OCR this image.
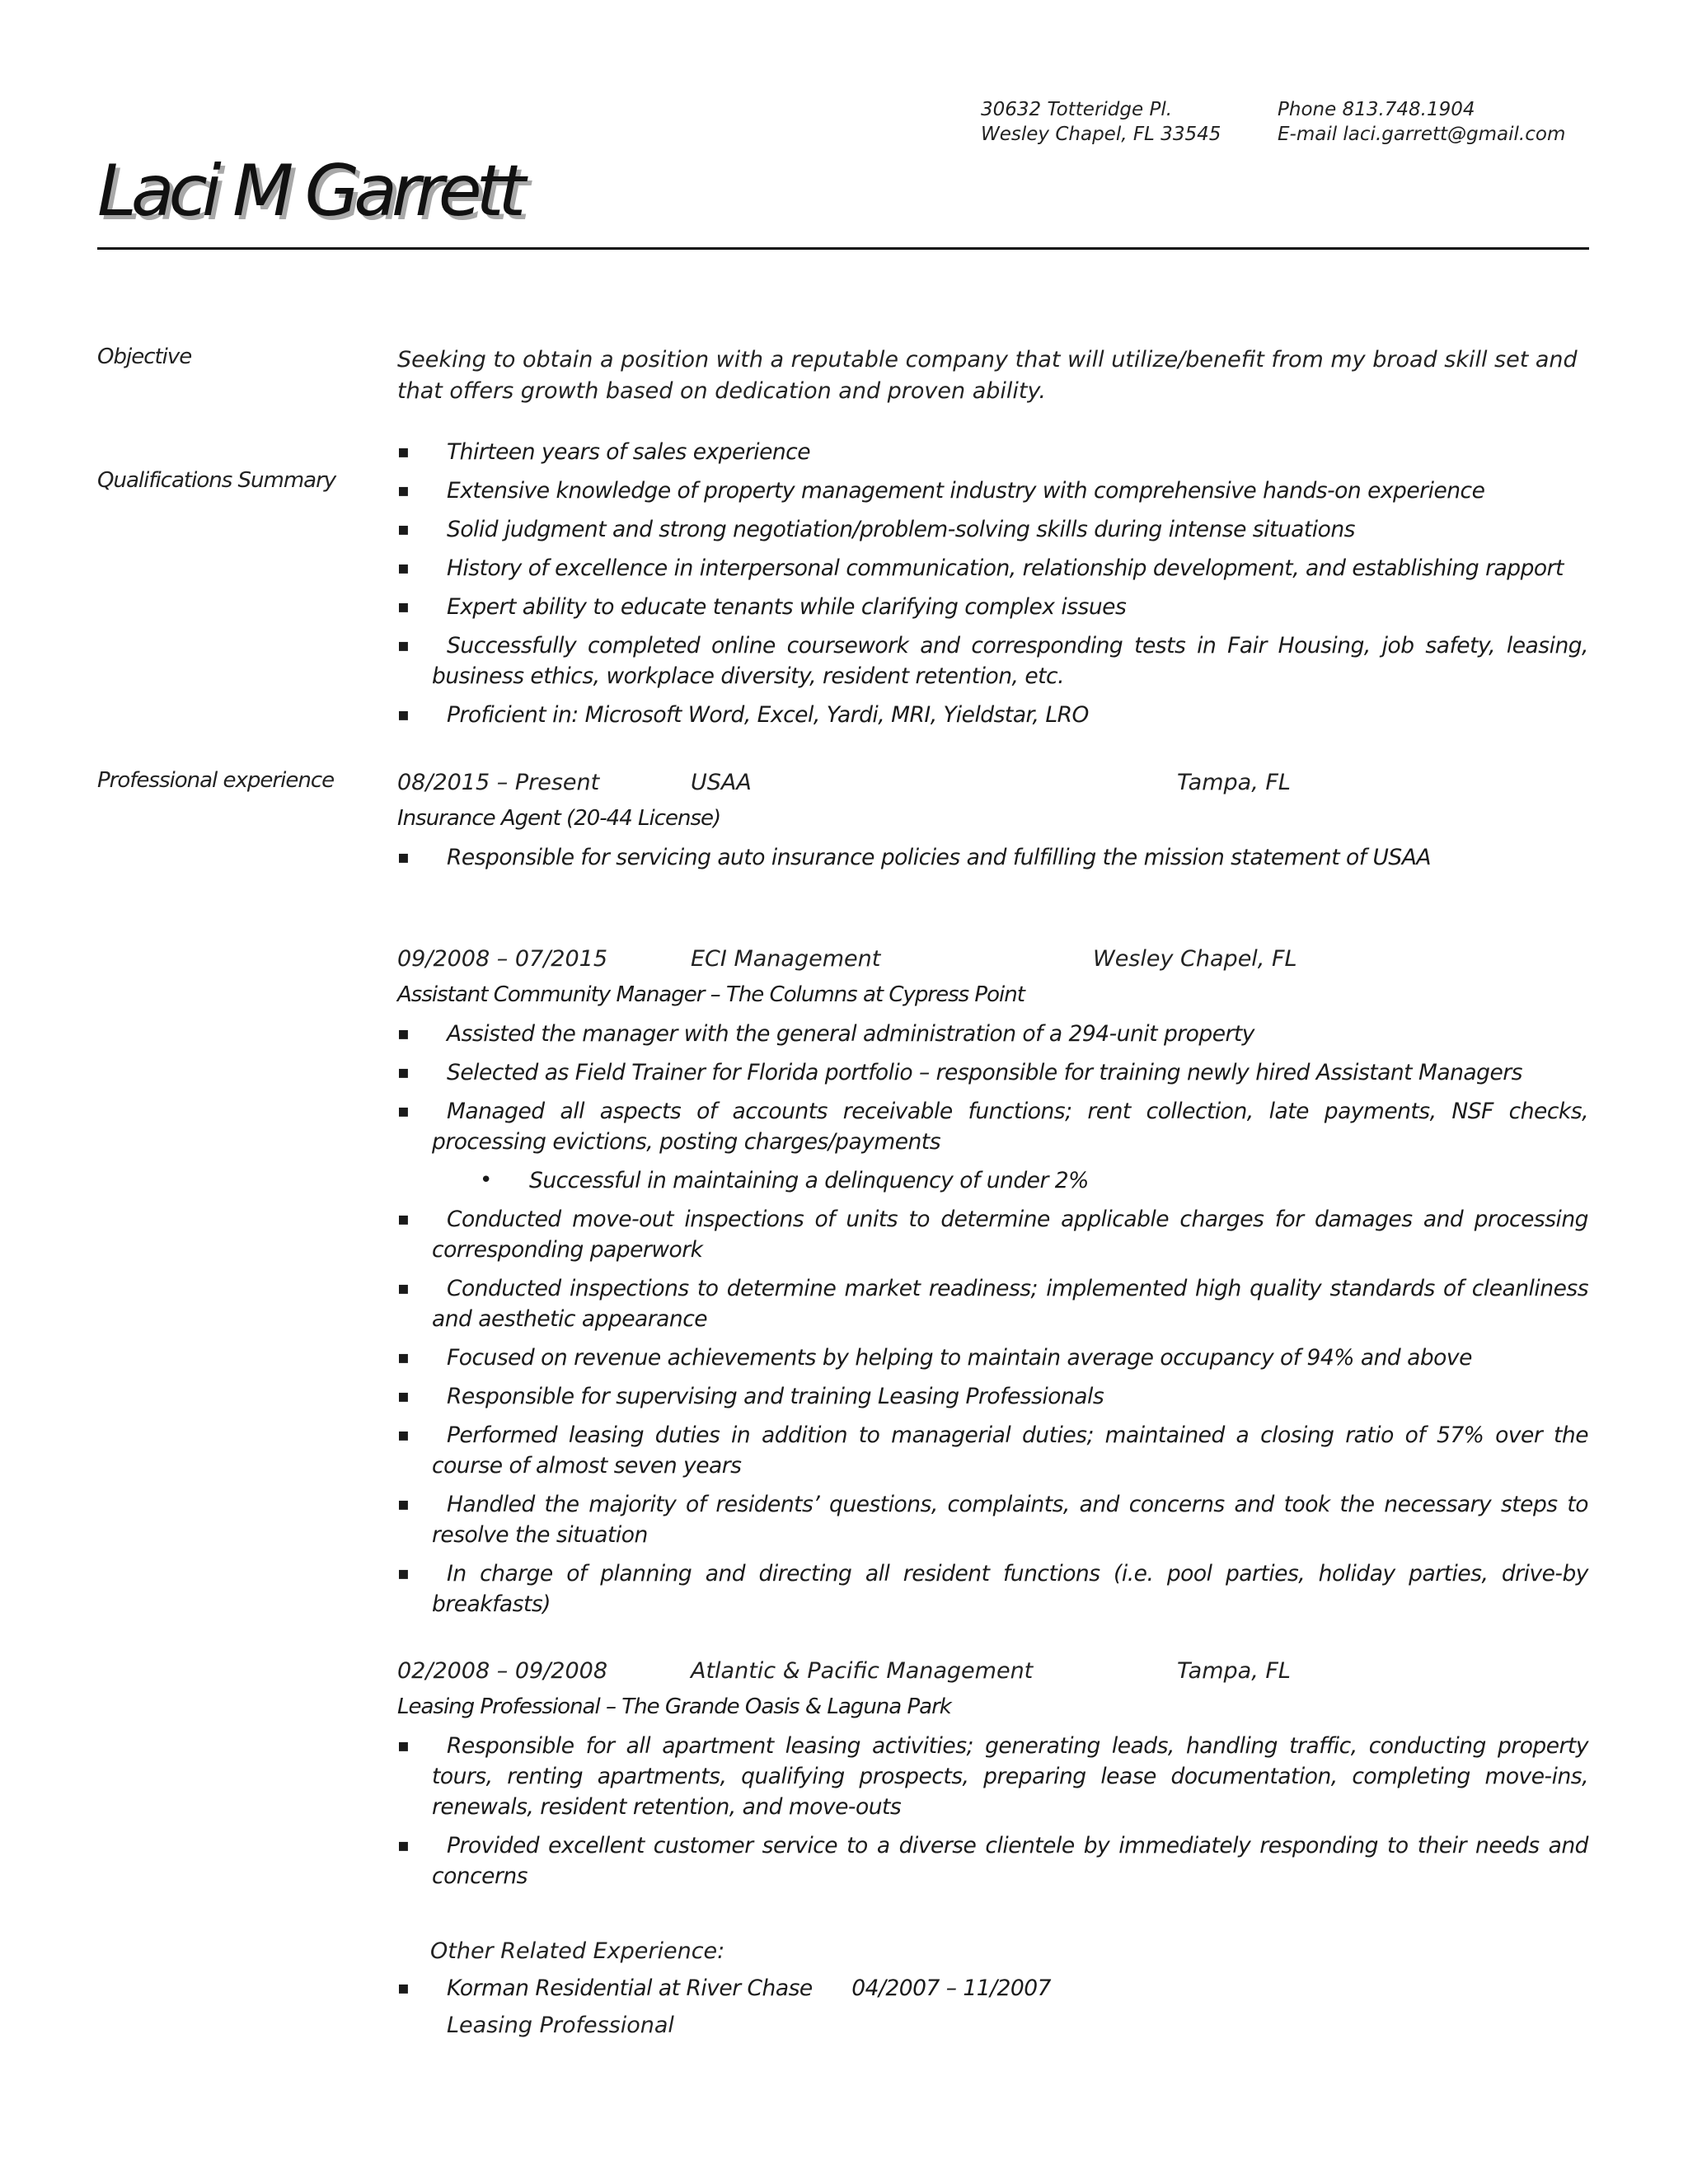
30632 Totteridge Pl.
Wesley Chapel, FL 33545
Phone 813.748.1904
E-mail laci.garrett@gmail.com
Laci M Garrett
Objective	Seeking to obtain a position with a reputable company that will utilize/benefit from my broad skill set and that offers growth based on dedication and proven ability.
Qualifications Summary
▪ Thirteen years of sales experience
▪ Extensive knowledge of property management industry with comprehensive hands-on experience
▪ Solid judgment and strong negotiation/problem-solving skills during intense situations
▪ History of excellence in interpersonal communication, relationship development, and establishing rapport
▪ Expert ability to educate tenants while clarifying complex issues
▪ Successfully completed online coursework and corresponding tests in Fair Housing, job safety, leasing, business ethics, workplace diversity, resident retention, etc.
▪ Proficient in: Microsoft Word, Excel, Yardi, MRI, Yieldstar, LRO
Professional experience	08/2015 – Present	USAA	Tampa, FL
Insurance Agent (20-44 License)
▪ Responsible for servicing auto insurance policies and fulfilling the mission statement of USAA
09/2008 – 07/2015	ECI Management	Wesley Chapel, FL
Assistant Community Manager – The Columns at Cypress Point
▪ Assisted the manager with the general administration of a 294-unit property
▪ Selected as Field Trainer for Florida portfolio – responsible for training newly hired Assistant Managers
▪ Managed all aspects of accounts receivable functions; rent collection, late payments, NSF checks, processing evictions, posting charges/payments
• Successful in maintaining a delinquency of under 2%
▪ Conducted move-out inspections of units to determine applicable charges for damages and processing corresponding paperwork
▪ Conducted inspections to determine market readiness; implemented high quality standards of cleanliness and aesthetic appearance
▪ Focused on revenue achievements by helping to maintain average occupancy of 94% and above
▪ Responsible for supervising and training Leasing Professionals
▪ Performed leasing duties in addition to managerial duties; maintained a closing ratio of 57% over the course of almost seven years
▪ Handled the majority of residents’ questions, complaints, and concerns and took the necessary steps to resolve the situation
▪ In charge of planning and directing all resident functions (i.e. pool parties, holiday parties, drive-by breakfasts)
02/2008 – 09/2008	Atlantic & Pacific Management	Tampa, FL
Leasing Professional – The Grande Oasis & Laguna Park
▪ Responsible for all apartment leasing activities; generating leads, handling traffic, conducting property tours, renting apartments, qualifying prospects, preparing lease documentation, completing move-ins, renewals, resident retention, and move-outs
▪ Provided excellent customer service to a diverse clientele by immediately responding to their needs and concerns
Other Related Experience:
▪ Korman Residential at River Chase      04/2007 – 11/2007
Leasing Professional
